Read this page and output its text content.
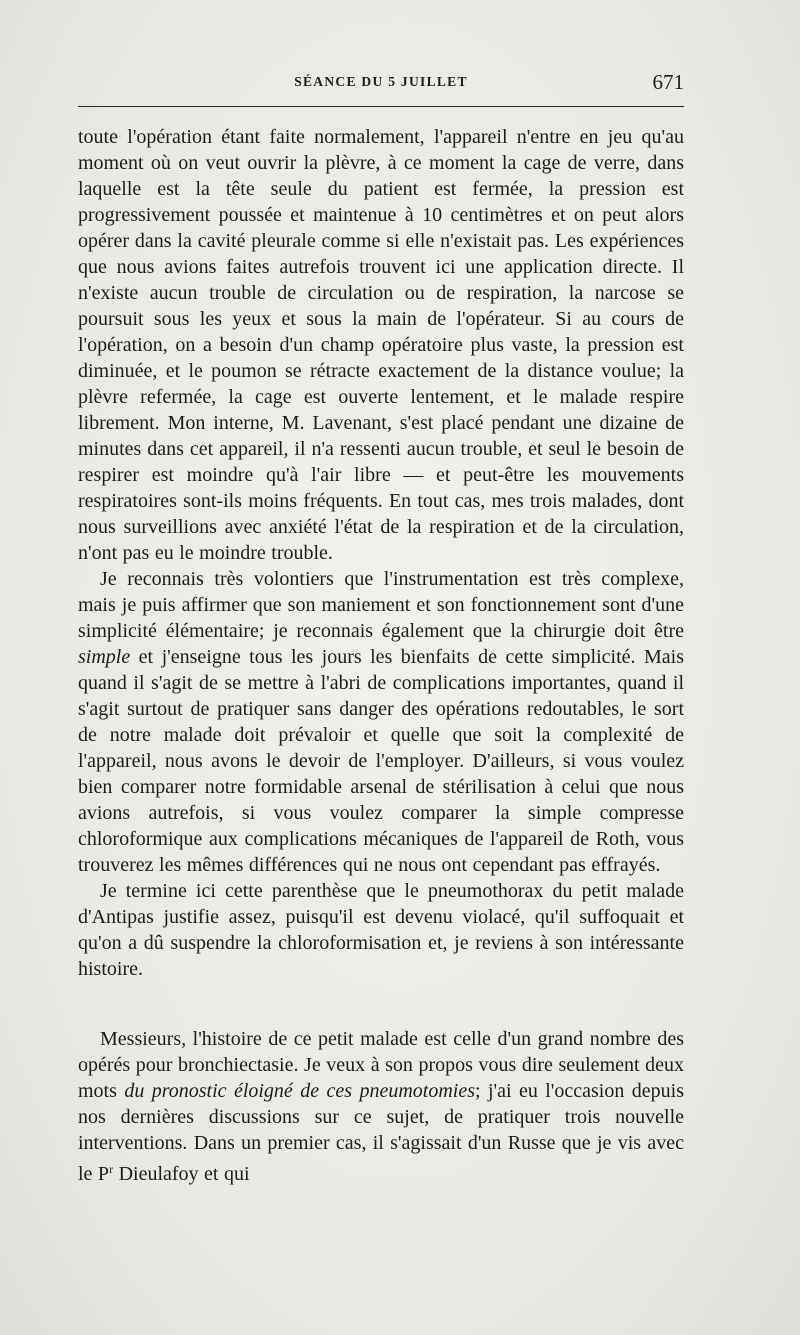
SÉANCE DU 5 JUILLET	671

toute l'opération étant faite normalement, l'appareil n'entre en jeu qu'au moment où on veut ouvrir la plèvre, à ce moment la cage de verre, dans laquelle est la tête seule du patient est fermée, la pression est progressivement poussée et maintenue à 10 centimètres et on peut alors opérer dans la cavité pleurale comme si elle n'existait pas. Les expériences que nous avions faites autrefois trouvent ici une application directe. Il n'existe aucun trouble de circulation ou de respiration, la narcose se poursuit sous les yeux et sous la main de l'opérateur. Si au cours de l'opération, on a besoin d'un champ opératoire plus vaste, la pression est diminuée, et le poumon se rétracte exactement de la distance voulue; la plèvre refermée, la cage est ouverte lentement, et le malade respire librement. Mon interne, M. Lavenant, s'est placé pendant une dizaine de minutes dans cet appareil, il n'a ressenti aucun trouble, et seul le besoin de respirer est moindre qu'à l'air libre — et peut-être les mouvements respiratoires sont-ils moins fréquents. En tout cas, mes trois malades, dont nous surveillions avec anxiété l'état de la respiration et de la circulation, n'ont pas eu le moindre trouble.

Je reconnais très volontiers que l'instrumentation est très complexe, mais je puis affirmer que son maniement et son fonctionnement sont d'une simplicité élémentaire; je reconnais également que la chirurgie doit être simple et j'enseigne tous les jours les bienfaits de cette simplicité. Mais quand il s'agit de se mettre à l'abri de complications importantes, quand il s'agit surtout de pratiquer sans danger des opérations redoutables, le sort de notre malade doit prévaloir et quelle que soit la complexité de l'appareil, nous avons le devoir de l'employer. D'ailleurs, si vous voulez bien comparer notre formidable arsenal de stérilisation à celui que nous avions autrefois, si vous voulez comparer la simple compresse chloroformique aux complications mécaniques de l'appareil de Roth, vous trouverez les mêmes différences qui ne nous ont cependant pas effrayés.

Je termine ici cette parenthèse que le pneumothorax du petit malade d'Antipas justifie assez, puisqu'il est devenu violacé, qu'il suffoquait et qu'on a dû suspendre la chloroformisation et, je reviens à son intéressante histoire.

Messieurs, l'histoire de ce petit malade est celle d'un grand nombre des opérés pour bronchiectasie. Je veux à son propos vous dire seulement deux mots du pronostic éloigné de ces pneumotomies; j'ai eu l'occasion depuis nos dernières discussions sur ce sujet, de pratiquer trois nouvelle interventions. Dans un premier cas, il s'agissait d'un Russe que je vis avec le $P^r$ Dieulafoy et qui
